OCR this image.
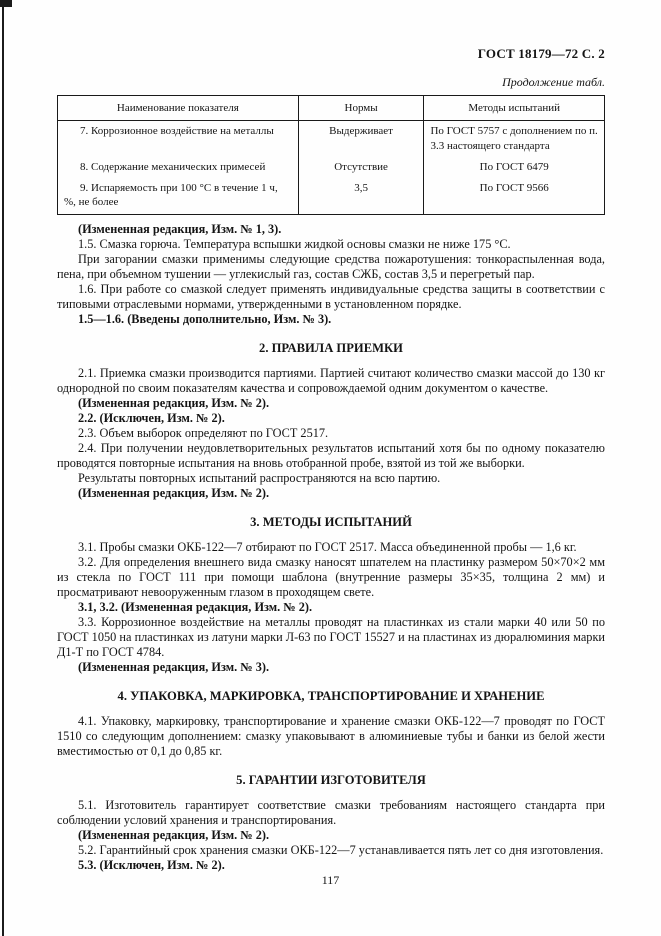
ГОСТ 18179—72 С. 2
Продолжение табл.
Наименование показателя	Нормы	Методы испытаний
7. Коррозионное воздействие на металлы	Выдерживает	По ГОСТ 5757 с дополнением по п. 3.3 настоящего стандарта
8. Содержание механических примесей	Отсутствие	По ГОСТ 6479
9. Испаряемость при 100 °С в течение 1 ч, %, не более	3,5	По ГОСТ 9566

(Измененная редакция, Изм. № 1, 3).

1.5. Смазка горюча. Температура вспышки жидкой основы смазки не ниже 175 °С.

При загорании смазки применимы следующие средства пожаротушения: тонкораспыленная вода, пена, при объемном тушении — углекислый газ, состав СЖБ, состав 3,5 и перегретый пар.

1.6. При работе со смазкой следует применять индивидуальные средства защиты в соответствии с типовыми отраслевыми нормами, утвержденными в установленном порядке.

1.5—1.6. (Введены дополнительно, Изм. № 3).

2. ПРАВИЛА ПРИЕМКИ

2.1. Приемка смазки производится партиями. Партией считают количество смазки массой до 130 кг однородной по своим показателям качества и сопровождаемой одним документом о качестве.

(Измененная редакция, Изм. № 2).

2.2. (Исключен, Изм. № 2).

2.3. Объем выборок определяют по ГОСТ 2517.

2.4. При получении неудовлетворительных результатов испытаний хотя бы по одному показателю проводятся повторные испытания на вновь отобранной пробе, взятой из той же выборки.

Результаты повторных испытаний распространяются на всю партию.

(Измененная редакция, Изм. № 2).

3. МЕТОДЫ ИСПЫТАНИЙ

3.1. Пробы смазки ОКБ-122—7 отбирают по ГОСТ 2517. Масса объединенной пробы — 1,6 кг.

3.2. Для определения внешнего вида смазку наносят шпателем на пластинку размером 50×70×2 мм из стекла по ГОСТ 111 при помощи шаблона (внутренние размеры 35×35, толщина 2 мм) и просматривают невооруженным глазом в проходящем свете.

3.1, 3.2. (Измененная редакция, Изм. № 2).

3.3. Коррозионное воздействие на металлы проводят на пластинках из стали марки 40 или 50 по ГОСТ 1050 на пластинках из латуни марки Л-63 по ГОСТ 15527 и на пластинах из дюралюминия марки Д1-Т по ГОСТ 4784.

(Измененная редакция, Изм. № 3).

4. УПАКОВКА, МАРКИРОВКА, ТРАНСПОРТИРОВАНИЕ И ХРАНЕНИЕ

4.1. Упаковку, маркировку, транспортирование и хранение смазки ОКБ-122—7 проводят по ГОСТ 1510 со следующим дополнением: смазку упаковывают в алюминиевые тубы и банки из белой жести вместимостью от 0,1 до 0,85 кг.

5. ГАРАНТИИ ИЗГОТОВИТЕЛЯ

5.1. Изготовитель гарантирует соответствие смазки требованиям настоящего стандарта при соблюдении условий хранения и транспортирования.

(Измененная редакция, Изм. № 2).

5.2. Гарантийный срок хранения смазки ОКБ-122—7 устанавливается пять лет со дня изготовления.

5.3. (Исключен, Изм. № 2).

117
